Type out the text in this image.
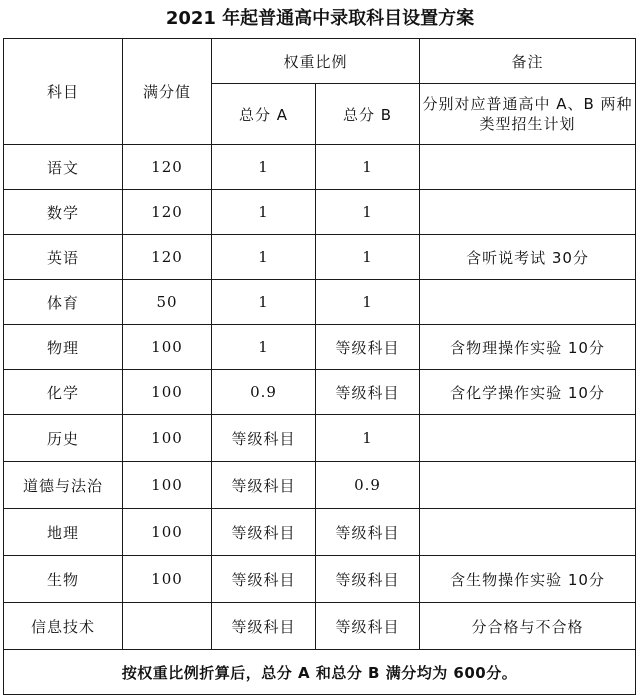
2021 年起普通高中录取科目设置方案
科目	满分值	权重比例		备注
		总分 A	总分 B	分别对应普通高中 A、B 两种类型招生计划
语文	120	1	1	
数学	120	1	1	
英语	120	1	1	含听说考试 30分
体育	50	1	1	
物理	100	1	等级科目	含物理操作实验 10分
化学	100	0.9	等级科目	含化学操作实验 10分
历史	100	等级科目	1	
道德与法治	100	等级科目	0.9	
地理	100	等级科目	等级科目	
生物	100	等级科目	等级科目	含生物操作实验 10分
信息技术		等级科目	等级科目	分合格与不合格
按权重比例折算后，总分 A 和总分 B 满分均为 600分。				
